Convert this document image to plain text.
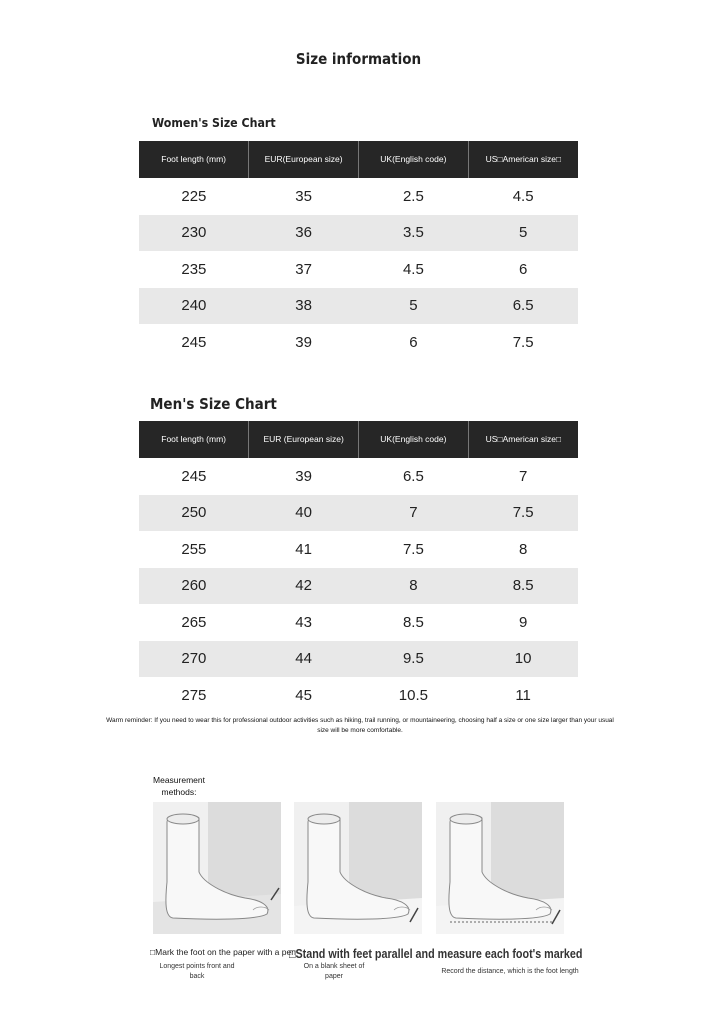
Size information
Women's Size Chart
Foot length (mm)	EUR(European size)	UK(English code)	US□American size□
225	35	2.5	4.5
230	36	3.5	5
235	37	4.5	6
240	38	5	6.5
245	39	6	7.5
Men's Size Chart
Foot length (mm)	EUR (European size)	UK(English code)	US□American size□
245	39	6.5	7
250	40	7	7.5
255	41	7.5	8
260	42	8	8.5
265	43	8.5	9
270	44	9.5	10
275	45	10.5	11
Warm reminder: If you need to wear this for professional outdoor activities such as hiking, trail running, or mountaineering, choosing half a size or one size larger than your usual size will be more comfortable.
Measurement methods:
□Mark the foot on the paper with a pen
Longest points front and back
□Stand with feet parallel and measure each foot's marked
On a blank sheet of paper
Record the distance, which is the foot length
